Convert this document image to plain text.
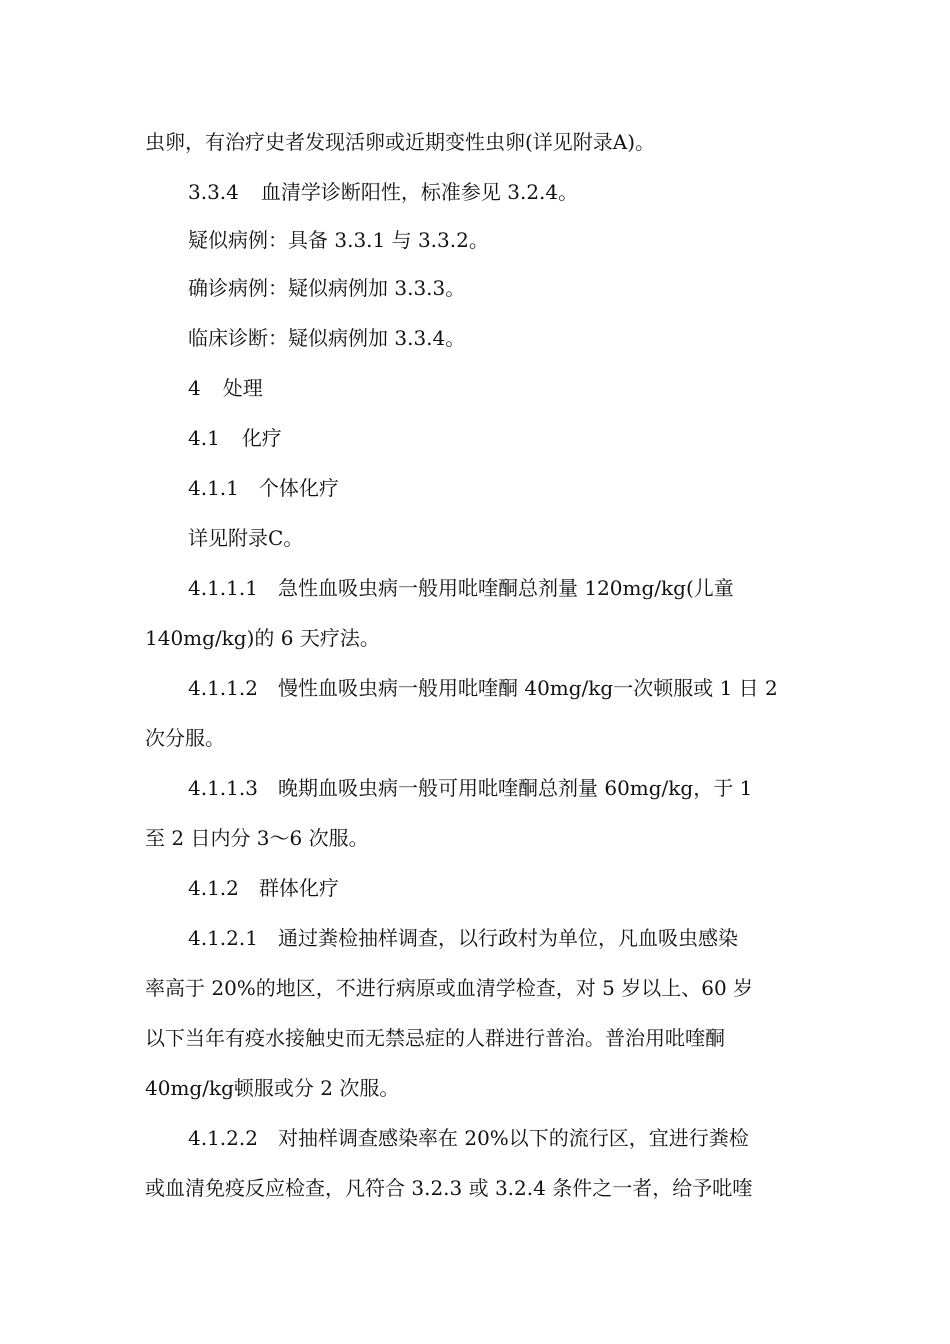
虫卵，有治疗史者发现活卵或近期变性虫卵(详见附录A)。
3.3.4 血清学诊断阳性，标准参见 3.2.4。
疑似病例：具备 3.3.1 与 3.3.2。
确诊病例：疑似病例加 3.3.3。
临床诊断：疑似病例加 3.3.4。
4 处理
4.1 化疗
4.1.1 个体化疗
详见附录C。
4.1.1.1 急性血吸虫病一般用吡喹酮总剂量 120mg/kg(儿童
140mg/kg)的 6 天疗法。
4.1.1.2 慢性血吸虫病一般用吡喹酮 40mg/kg一次顿服或 1 日 2
次分服。
4.1.1.3 晚期血吸虫病一般可用吡喹酮总剂量 60mg/kg，于 1
至 2 日内分 3～6 次服。
4.1.2 群体化疗
4.1.2.1 通过粪检抽样调查，以行政村为单位，凡血吸虫感染
率高于 20%的地区，不进行病原或血清学检查，对 5 岁以上、60 岁
以下当年有疫水接触史而无禁忌症的人群进行普治。普治用吡喹酮
40mg/kg顿服或分 2 次服。
4.1.2.2 对抽样调查感染率在 20%以下的流行区，宜进行粪检
或血清免疫反应检查，凡符合 3.2.3 或 3.2.4 条件之一者，给予吡喹
